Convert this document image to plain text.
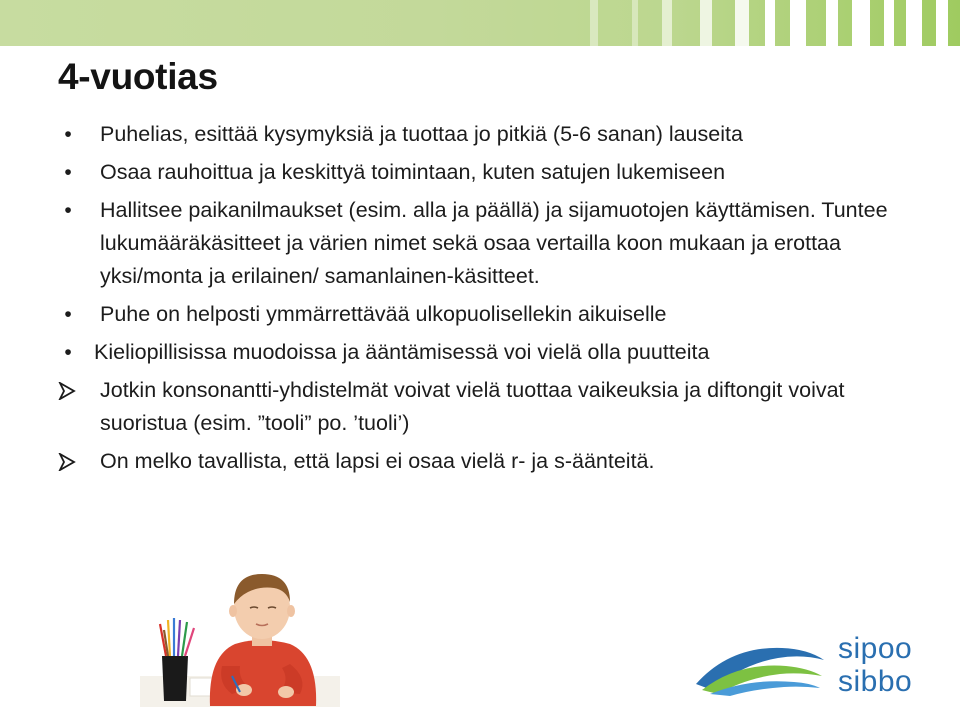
4-vuotias
• Puhelias, esittää kysymyksiä ja tuottaa jo pitkiä (5-6 sanan) lauseita
• Osaa rauhoittua ja keskittyä toimintaan, kuten satujen lukemiseen
• Hallitsee paikanilmaukset (esim. alla ja päällä) ja sijamuotojen käyttämisen. Tuntee lukumääräkäsitteet ja värien nimet sekä osaa vertailla koon mukaan ja erottaa yksi/monta ja erilainen/ samanlainen-käsitteet.
• Puhe on helposti ymmärrettävää ulkopuolisellekin aikuiselle
• Kieliopillisissa muodoissa ja ääntämisessä voi vielä olla puutteita
Jotkin konsonantti-yhdistelmät voivat vielä tuottaa vaikeuksia ja diftongit voivat suoristua (esim. ”tooli” po. ’tuoli’)
On melko tavallista, että lapsi ei osaa vielä r- ja s-äänteitä.
sipoo
sibbo
